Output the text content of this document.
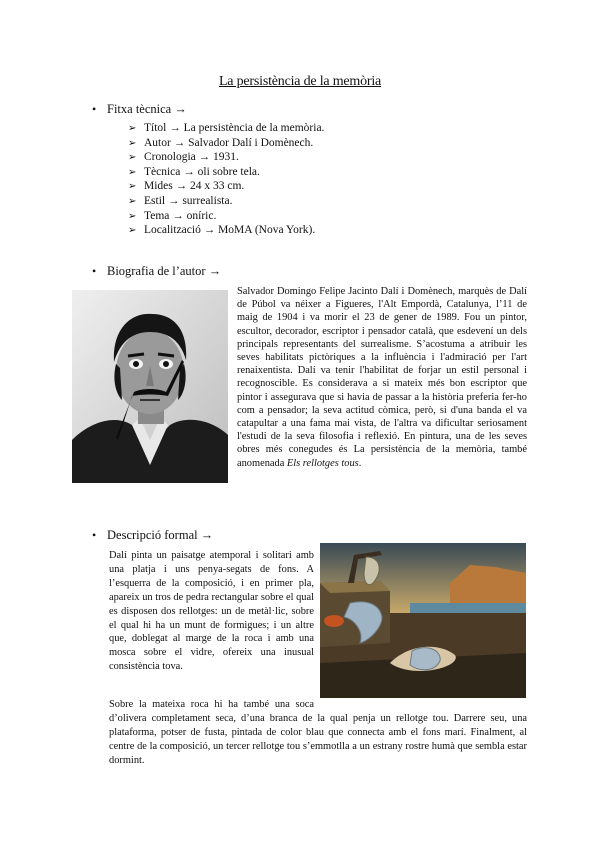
La persistència de la memòria
• Fitxa tècnica →
➢ Títol → La persistència de la memòria.
➢ Autor → Salvador Dalí i Domènech.
➢ Cronologia → 1931.
➢ Tècnica → oli sobre tela.
➢ Mides → 24 x 33 cm.
➢ Estil → surrealista.
➢ Tema → oníric.
➢ Localització → MoMA (Nova York).
• Biografia de l’autor →

Salvador Domingo Felipe Jacinto Dalí i Domènech, marquès de Dalí de Púbol va néixer a Figueres, l'Alt Empordà, Catalunya, l’11 de maig de 1904 i va morir el 23 de gener de 1989. Fou un pintor, escultor, decorador, escriptor i pensador català, que esdevení un dels principals representants del surrealisme. S’acostuma a atribuir les seves habilitats pictòriques a la influència i l'admiració per l'art renaixentista. Dalí va tenir l'habilitat de forjar un estil personal i recognoscible. Es considerava a si mateix més bon escriptor que pintor i assegurava que si havia de passar a la història preferia fer-ho com a pensador; la seva actitud còmica, però, si d'una banda el va catapultar a una fama mai vista, de l'altra va dificultar seriosament l'estudi de la seva filosofia i reflexió. En pintura, una de les seves obres més conegudes és La persistència de la memòria, també anomenada Els rellotges tous.

• Descripció formal →

Dalí pinta un paisatge atemporal i solitari amb una platja i uns penya-segats de fons. A l’esquerra de la composició, i en primer pla, apareix un tros de pedra rectangular sobre el qual es disposen dos rellotges: un de metàl·lic, sobre el qual hi ha un munt de formigues; i un altre que, doblegat al marge de la roca i amb una mosca sobre el vidre, ofereix una inusual consistència tova.

Sobre la mateixa roca hi ha també una soca
d’olivera completament seca, d’una branca de la qual penja un rellotge tou. Darrere seu, una plataforma, potser de fusta, pintada de color blau que connecta amb el fons marí. Finalment, al centre de la composició, un tercer rellotge tou s’emmotlla a un estrany rostre humà que sembla estar dormint.
